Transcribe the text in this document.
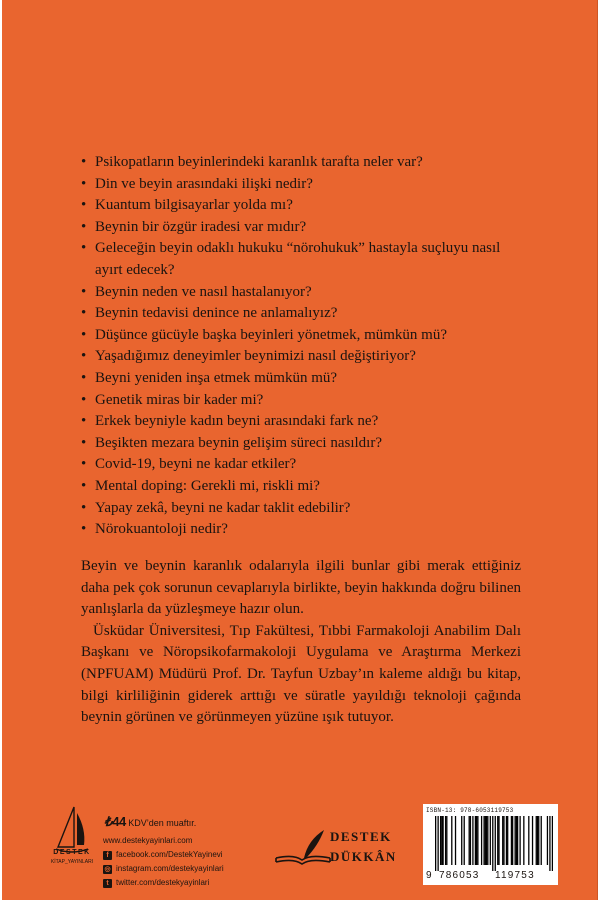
• Psikopatların beyinlerindeki karanlık tarafta neler var?
• Din ve beyin arasındaki ilişki nedir?
• Kuantum bilgisayarlar yolda mı?
• Beynin bir özgür iradesi var mıdır?
• Geleceğin beyin odaklı hukuku “nörohukuk” hastayla suçluyu nasıl ayırt edecek?
• Beynin neden ve nasıl hastalanıyor?
• Beynin tedavisi denince ne anlamalıyız?
• Düşünce gücüyle başka beyinleri yönetmek, mümkün mü?
• Yaşadığımız deneyimler beynimizi nasıl değiştiriyor?
• Beyni yeniden inşa etmek mümkün mü?
• Genetik miras bir kader mi?
• Erkek beyniyle kadın beyni arasındaki fark ne?
• Beşikten mezara beynin gelişim süreci nasıldır?
• Covid-19, beyni ne kadar etkiler?
• Mental doping: Gerekli mi, riskli mi?
• Yapay zekâ, beyni ne kadar taklit edebilir?
• Nörokuantoloji nedir?

Beyin ve beynin karanlık odalarıyla ilgili bunlar gibi merak ettiğiniz daha pek çok sorunun cevaplarıyla birlikte, beyin hakkında doğru bilinen yanlışlarla da yüzleşmeye hazır olun.

Üsküdar Üniversitesi, Tıp Fakültesi, Tıbbi Farmakoloji Anabilim Dalı Başkanı ve Nöropsikofarmakoloji Uygulama ve Araştırma Merkezi (NPFUAM) Müdürü Prof. Dr. Tayfun Uzbay’ın kaleme aldığı bu kitap, bilgi kirliliğinin giderek arttığı ve süratle yayıldığı teknoloji çağında beynin görünen ve görünmeyen yüzüne ışık tutuyor.

DESTEK
KİTAP_YAYINLARI
₺44 KDV’den muaftır.
www.destekyayinlari.com
f facebook.com/DestekYayinevi
◎ instagram.com/destekyayinlari
t twitter.com/destekyayinlari
DESTEK
DÜKKÂN
ISBN-13: 978-6053119753
9 786053 119753
